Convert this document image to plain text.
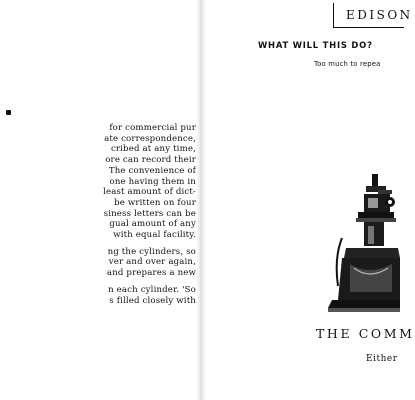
for commercial pur
ate correspondence,
cribed at any time,
ore can record their
The convenience of
one having them in
least amount of dict-
be written on four
siness letters can be
gual amount of any
with equal facility.
ng the cylinders, so
ver and over again,
and prepares a new
n each cylinder. 'So
s filled closely with
EDISON
WHAT WILL THIS DO?
Too much to repea
THE COMM
Either
